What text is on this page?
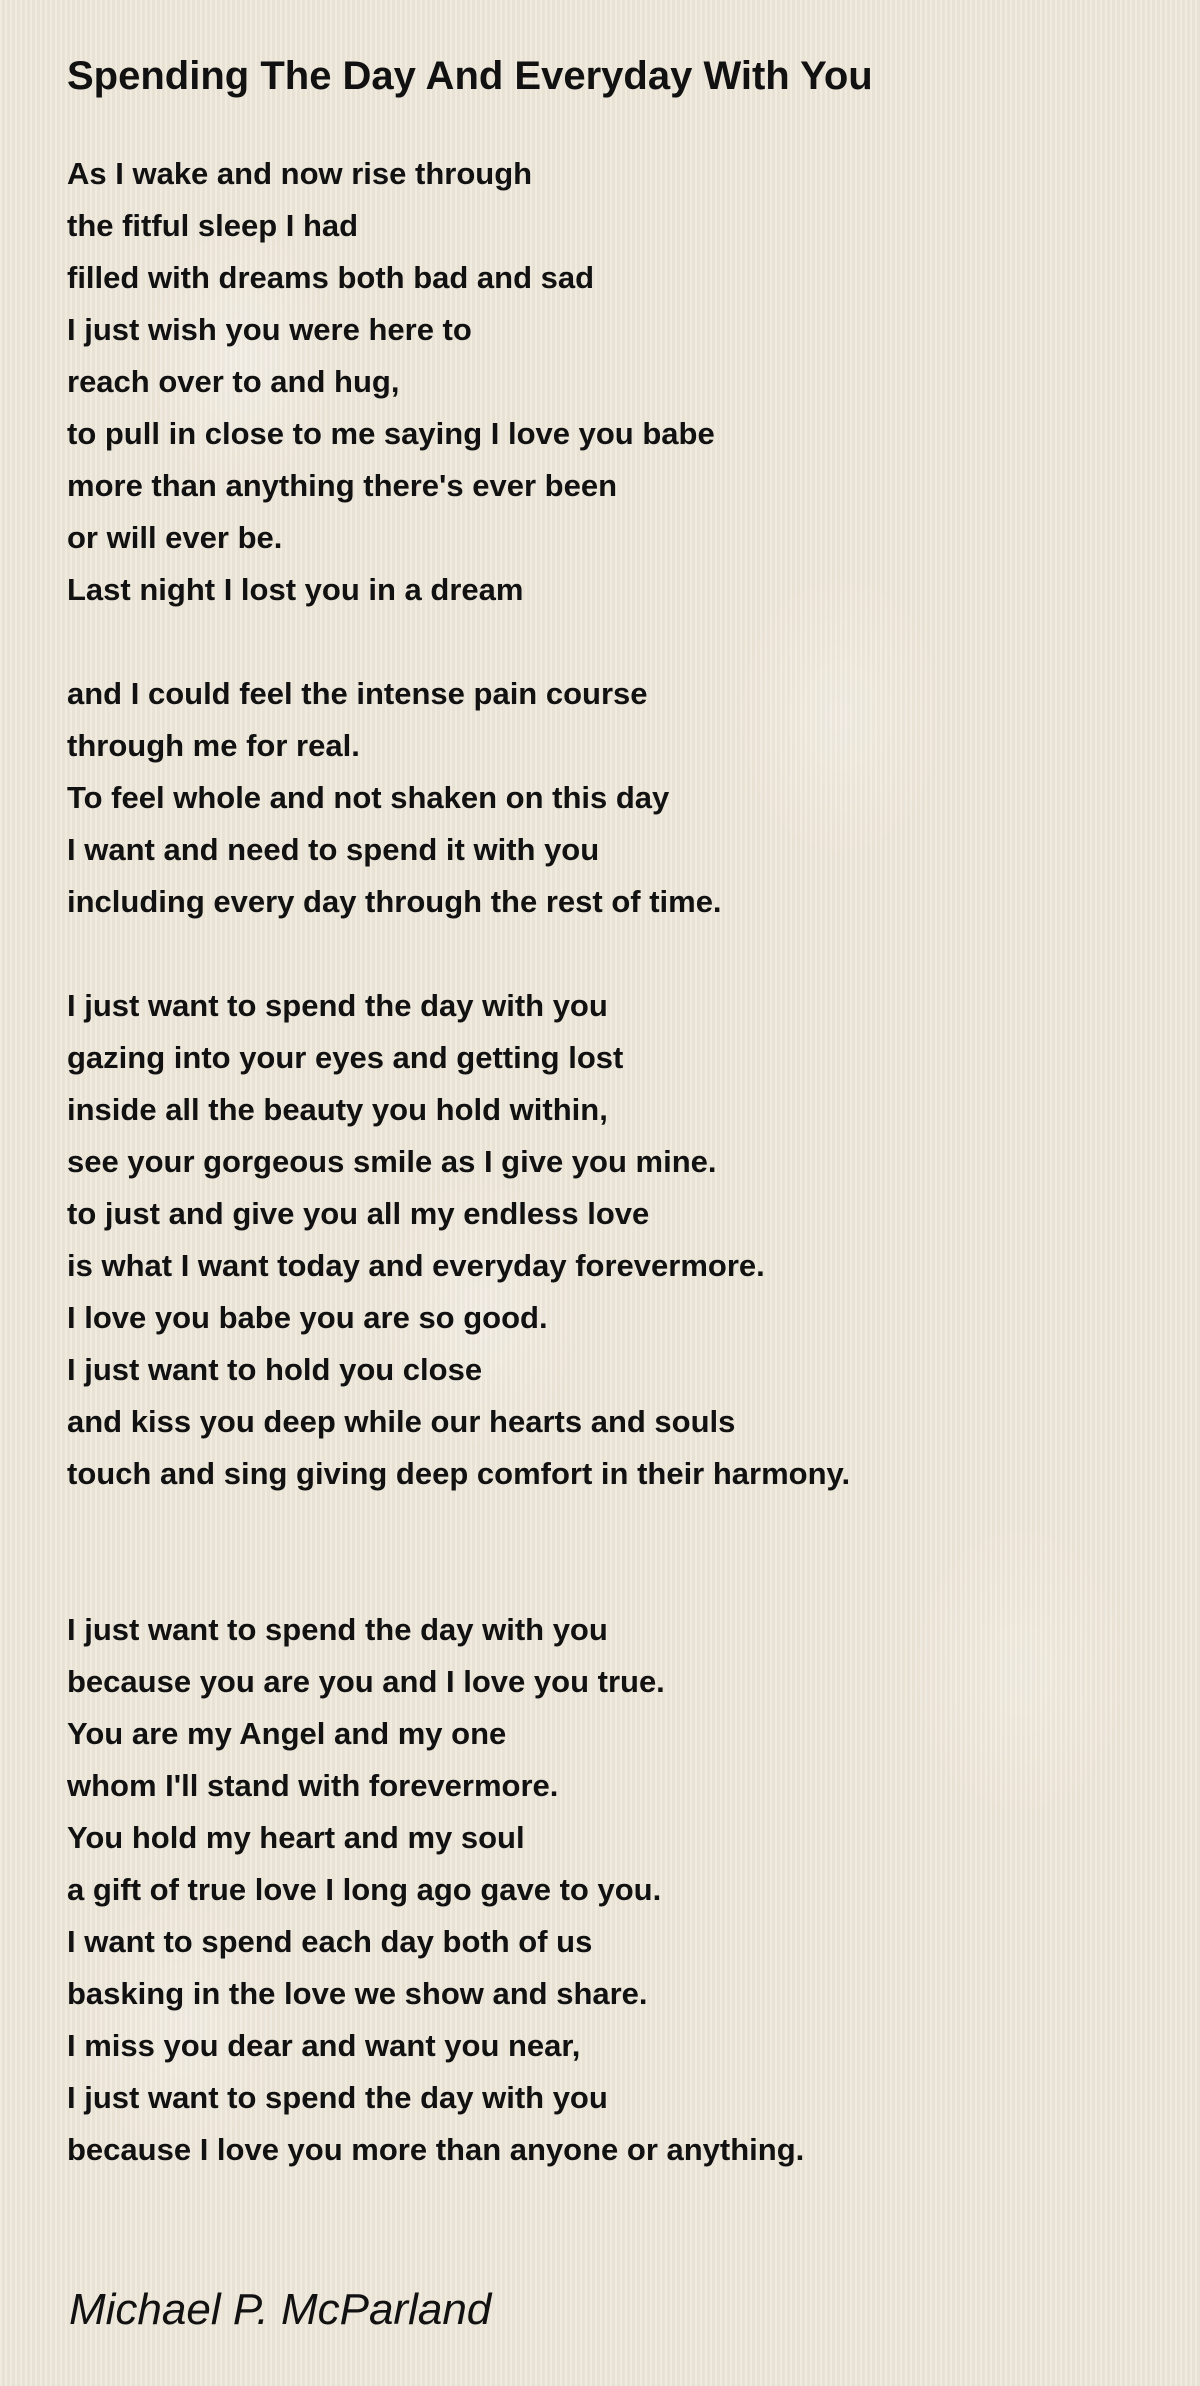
Spending The Day And Everyday With You
As I wake and now rise through
the fitful sleep I had
filled with dreams both bad and sad
I just wish you were here to
reach over to and hug,
to pull in close to me saying I love you babe
more than anything there's ever been
or will ever be.
Last night I lost you in a dream
and I could feel the intense pain course
through me for real.
To feel whole and not shaken on this day
I want and need to spend it with you
including every day through the rest of time.
I just want to spend the day with you
gazing into your eyes and getting lost
inside all the beauty you hold within,
see your gorgeous smile as I give you mine.
to just and give you all my endless love
is what I want today and everyday forevermore.
I love you babe you are so good.
I just want to hold you close
and kiss you deep while our hearts and souls
touch and sing giving deep comfort in their harmony.
I just want to spend the day with you
because you are you and I love you true.
You are my Angel and my one
whom I'll stand with forevermore.
You hold my heart and my soul
a gift of true love I long ago gave to you.
I want to spend each day both of us
basking in the love we show and share.
I miss you dear and want you near,
I just want to spend the day with you
because I love you more than anyone or anything.
Michael P. McParland
